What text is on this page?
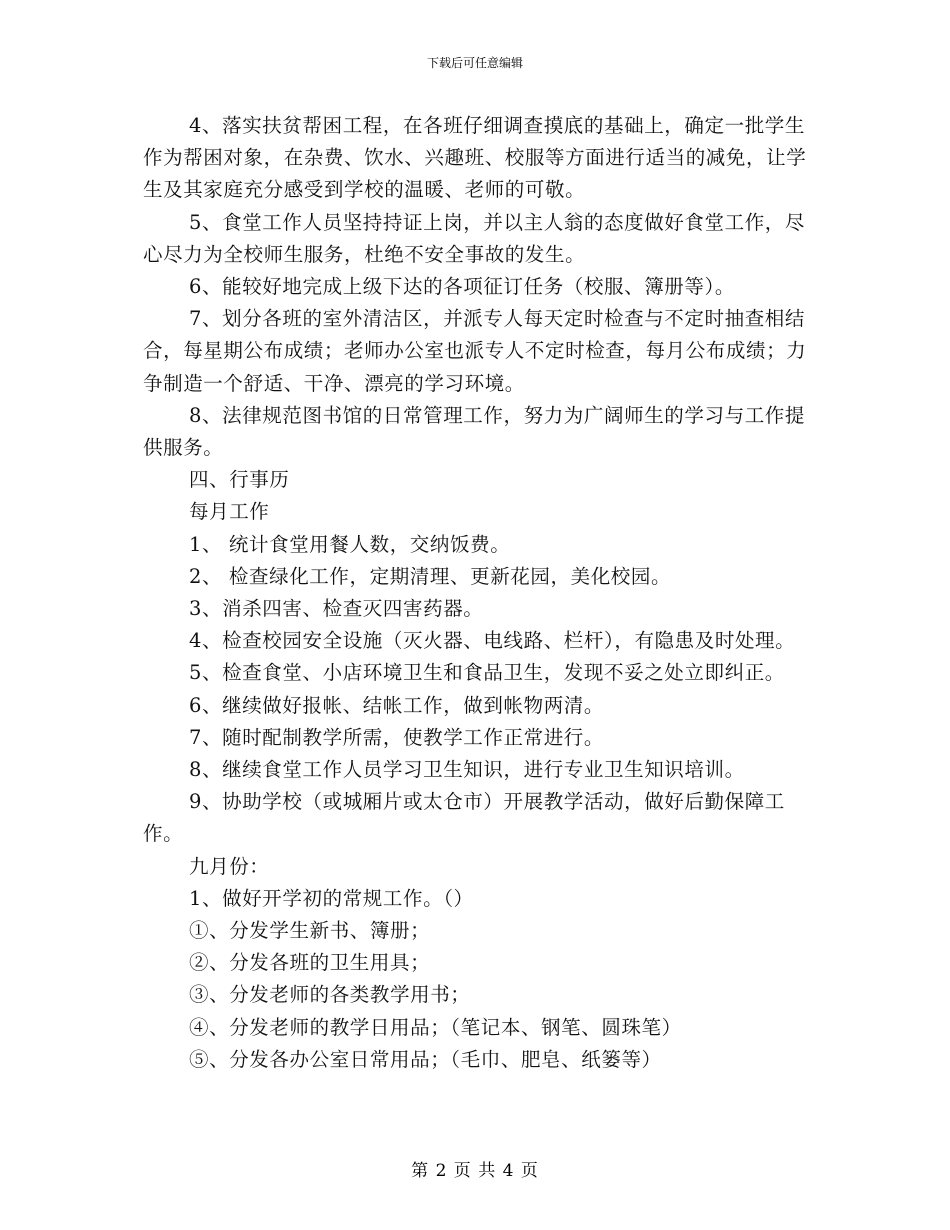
下载后可任意编辑

4、落实扶贫帮困工程，在各班仔细调查摸底的基础上，确定一批学生作为帮困对象，在杂费、饮水、兴趣班、校服等方面进行适当的减免，让学生及其家庭充分感受到学校的温暖、老师的可敬。

5、食堂工作人员坚持持证上岗，并以主人翁的态度做好食堂工作，尽心尽力为全校师生服务，杜绝不安全事故的发生。

6、能较好地完成上级下达的各项征订任务（校服、簿册等）。

7、划分各班的室外清洁区，并派专人每天定时检查与不定时抽查相结合，每星期公布成绩；老师办公室也派专人不定时检查，每月公布成绩；力争制造一个舒适、干净、漂亮的学习环境。

8、法律规范图书馆的日常管理工作，努力为广阔师生的学习与工作提供服务。

四、行事历

每月工作

1、 统计食堂用餐人数，交纳饭费。

2、 检查绿化工作，定期清理、更新花园，美化校园。

3、消杀四害、检查灭四害药器。

4、检查校园安全设施（灭火器、电线路、栏杆），有隐患及时处理。

5、检查食堂、小店环境卫生和食品卫生，发现不妥之处立即纠正。

6、继续做好报帐、结帐工作，做到帐物两清。

7、随时配制教学所需，使教学工作正常进行。

8、继续食堂工作人员学习卫生知识，进行专业卫生知识培训。

9、协助学校（或城厢片或太仓市）开展教学活动，做好后勤保障工作。

九月份：

1、做好开学初的常规工作。（）

①、分发学生新书、簿册；

②、分发各班的卫生用具；

③、分发老师的各类教学用书；

④、分发老师的教学日用品；（笔记本、钢笔、圆珠笔）

⑤、分发各办公室日常用品；（毛巾、肥皂、纸篓等）

第 2 页 共 4 页
